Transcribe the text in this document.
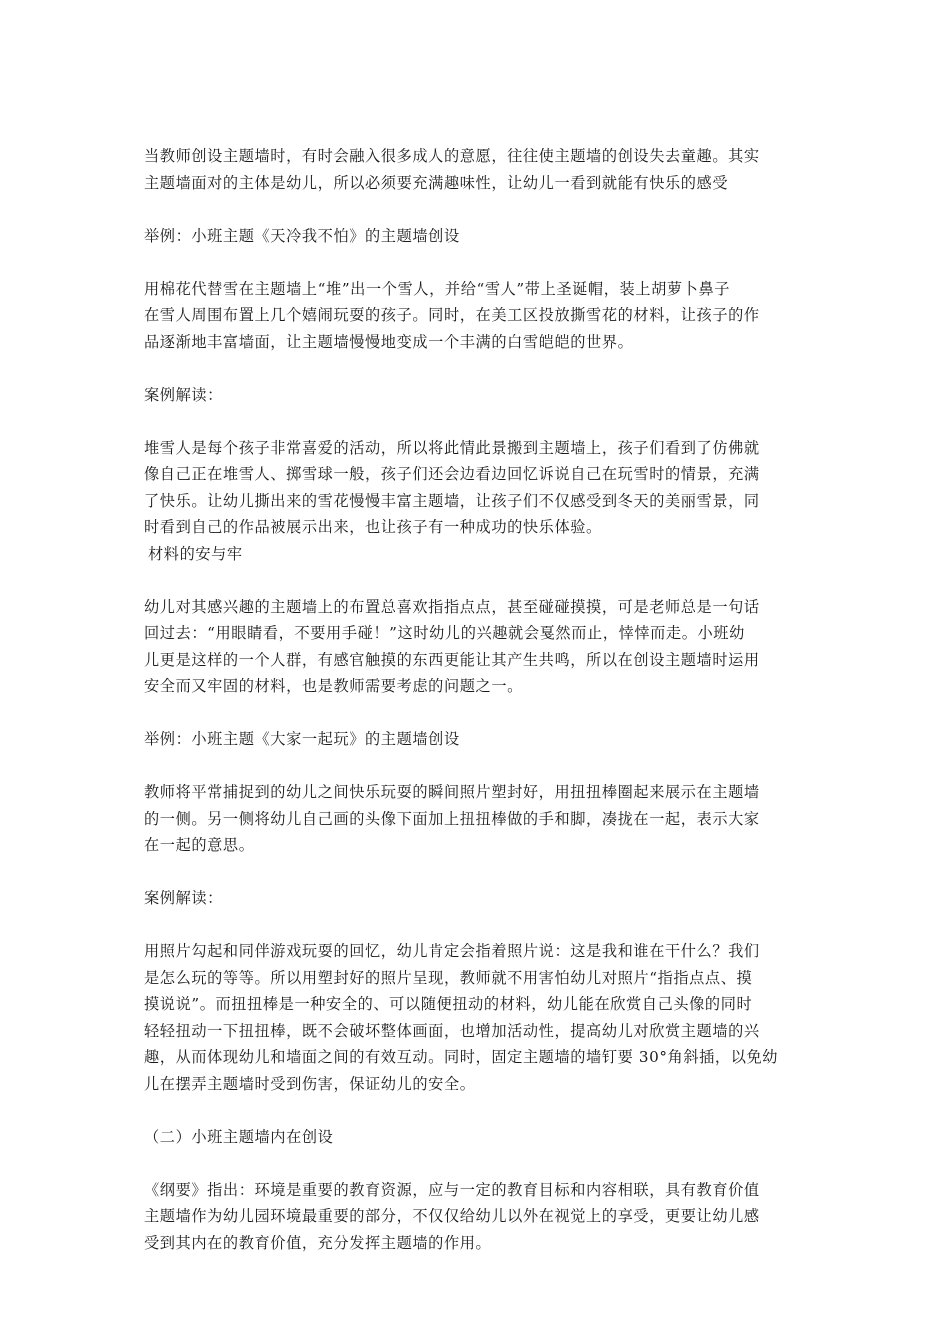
当教师创设主题墙时，有时会融入很多成人的意愿，往往使主题墙的创设失去童趣。其实
主题墙面对的主体是幼儿，所以必须要充满趣味性，让幼儿一看到就能有快乐的感受
举例：小班主题《天冷我不怕》的主题墙创设
用棉花代替雪在主题墙上“堆”出一个雪人，并给“雪人”带上圣诞帽，装上胡萝卜鼻子
在雪人周围布置上几个嬉闹玩耍的孩子。同时，在美工区投放撕雪花的材料，让孩子的作
品逐渐地丰富墙面，让主题墙慢慢地变成一个丰满的白雪皑皑的世界。
案例解读：
堆雪人是每个孩子非常喜爱的活动，所以将此情此景搬到主题墙上，孩子们看到了仿佛就
像自己正在堆雪人、掷雪球一般，孩子们还会边看边回忆诉说自己在玩雪时的情景，充满
了快乐。让幼儿撕出来的雪花慢慢丰富主题墙，让孩子们不仅感受到冬天的美丽雪景，同
时看到自己的作品被展示出来，也让孩子有一种成功的快乐体验。
材料的安与牢
幼儿对其感兴趣的主题墙上的布置总喜欢指指点点，甚至碰碰摸摸，可是老师总是一句话
回过去：“用眼睛看，不要用手碰！”这时幼儿的兴趣就会戛然而止，悻悻而走。小班幼
儿更是这样的一个人群，有感官触摸的东西更能让其产生共鸣，所以在创设主题墙时运用
安全而又牢固的材料，也是教师需要考虑的问题之一。
举例：小班主题《大家一起玩》的主题墙创设
教师将平常捕捉到的幼儿之间快乐玩耍的瞬间照片塑封好，用扭扭棒圈起来展示在主题墙
的一侧。另一侧将幼儿自己画的头像下面加上扭扭棒做的手和脚，凑拢在一起，表示大家
在一起的意思。
案例解读：
用照片勾起和同伴游戏玩耍的回忆，幼儿肯定会指着照片说：这是我和谁在干什么？我们
是怎么玩的等等。所以用塑封好的照片呈现，教师就不用害怕幼儿对照片“指指点点、摸
摸说说”。而扭扭棒是一种安全的、可以随便扭动的材料，幼儿能在欣赏自己头像的同时
轻轻扭动一下扭扭棒，既不会破坏整体画面，也增加活动性，提高幼儿对欣赏主题墙的兴
趣，从而体现幼儿和墙面之间的有效互动。同时，固定主题墙的墙钉要 30°角斜插，以免幼
儿在摆弄主题墙时受到伤害，保证幼儿的安全。
（二）小班主题墙内在创设
《纲要》指出：环境是重要的教育资源，应与一定的教育目标和内容相联，具有教育价值
主题墙作为幼儿园环境最重要的部分，不仅仅给幼儿以外在视觉上的享受，更要让幼儿感
受到其内在的教育价值，充分发挥主题墙的作用。
